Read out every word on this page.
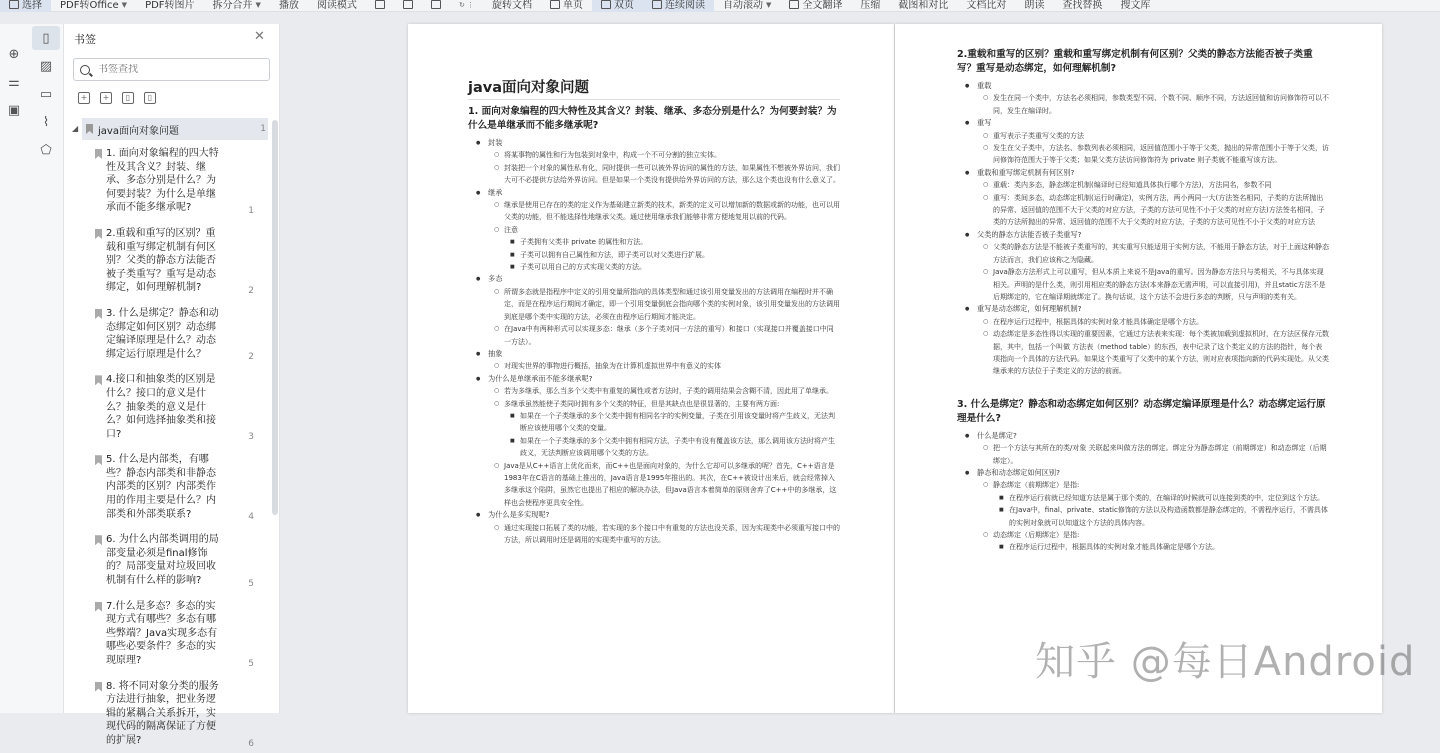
选择 PDF转Office ▼ PDF转图片 拆分合并 ▼ 播放 阅读模式	↻ ⋮ 旋转文档	单页	双页	连续阅读 自动滚动 ▼	全文翻译 压缩 截图和对比 文档比对 朗读 查找替换 搜文库
⊕
⚌
▣
▯
▨
▭
⌇
⬠
书签	✕
书签查找
+	+	▯	▯
◢ java面向对象问题	1
1. 面向对象编程的四大特性及其含义？封装、继承、多态分别是什么？为何要封装？为什么是单继承而不能多继承呢?	1
2.重载和重写的区别？重载和重写绑定机制有何区别？父类的静态方法能否被子类重写？重写是动态绑定，如何理解机制?	2
3. 什么是绑定？静态和动态绑定如何区别？动态绑定编译原理是什么？动态绑定运行原理是什么？	2
4.接口和抽象类的区别是什么？接口的意义是什么？抽象类的意义是什么？如何选择抽象类和接口?	3
5. 什么是内部类，有哪些？静态内部类和非静态内部类的区别？内部类作用的作用主要是什么？内部类和外部类联系?	4
6. 为什么内部类调用的局部变量必须是final修饰的？局部变量对垃圾回收机制有什么样的影响?	5
7.什么是多态？多态的实现方式有哪些？多态有哪些弊端？Java实现多态有哪些必要条件？多态的实现原理?	5
8. 将不同对象分类的服务方法进行抽象，把业务逻辑的紧耦合关系拆开，实现代码的隔离保证了方便的扩展?	6
java面向对象问题
1. 面向对象编程的四大特性及其含义？封装、继承、多态分别是什么？为何要封装？为什么是单继承而不能多继承呢?
● 封装
○ 将某事物的属性和行为包装到对象中，构成一个不可分割的独立实体。
○ 封装把一个对象的属性私有化，同时提供一些可以被外界访问的属性的方法，如果属性不想被外界访问，我们大可不必提供方法给外界访问。但是如果一个类没有提供给外界访问的方法，那么这个类也没有什么意义了。
● 继承
○ 继承是使用已存在的类的定义作为基础建立新类的技术，新类的定义可以增加新的数据或新的功能，也可以用父类的功能，但不能选择性地继承父类。通过使用继承我们能够非常方便地复用以前的代码。
○ 注意
■ 子类拥有父类非 private 的属性和方法。
■ 子类可以拥有自己属性和方法，即子类可以对父类进行扩展。
■ 子类可以用自己的方式实现父类的方法。
● 多态
○ 所谓多态就是指程序中定义的引用变量所指向的具体类型和通过该引用变量发出的方法调用在编程时并不确定，而是在程序运行期间才确定，即一个引用变量倒底会指向哪个类的实例对象，该引用变量发出的方法调用到底是哪个类中实现的方法，必须在由程序运行期间才能决定。
○ 在Java中有两种形式可以实现多态：继承（多个子类对同一方法的重写）和接口（实现接口并覆盖接口中同一方法）。
● 抽象
○ 对现实世界的事物进行概括，抽象为在计算机虚拟世界中有意义的实体
● 为什么是单继承而不能多继承呢?
○ 若为多继承，那么当多个父类中有重复的属性或者方法时，子类的调用结果会含糊不清，因此用了单继承。
○ 多继承虽然能使子类同时拥有多个父类的特征，但是其缺点也是很显著的，主要有两方面:
■ 如果在一个子类继承的多个父类中拥有相同名字的实例变量，子类在引用该变量时将产生歧义，无法判断应该使用哪个父类的变量。
■ 如果在一个子类继承的多个父类中拥有相同方法，子类中有没有覆盖该方法，那么调用该方法时将产生歧义，无法判断应该调用哪个父类的方法。
○ Java是从C++语言上优化而来，而C++也是面向对象的，为什么它却可以多继承的呢？首先，C++语言是1983年在C语言的基础上推出的，Java语言是1995年推出的。其次，在C++被设计出来后，就会经常掉入多继承这个陷阱，虽然它也提出了相应的解决办法，但Java语言本着简单的原则舍弃了C++中的多继承，这样也会使程序更具安全性。
● 为什么是多实现呢?
○ 通过实现接口拓展了类的功能，若实现的多个接口中有重复的方法也没关系，因为实现类中必须重写接口中的方法，所以调用时还是调用的实现类中重写的方法。
2.重载和重写的区别？重载和重写绑定机制有何区别？父类的静态方法能否被子类重写？重写是动态绑定，如何理解机制?
● 重载
○ 发生在同一个类中，方法名必须相同，参数类型不同、个数不同、顺序不同，方法返回值和访问修饰符可以不同，发生在编译时。
● 重写
○ 重写表示子类重写父类的方法
○ 发生在父子类中，方法名、参数列表必须相同，返回值范围小于等于父类，抛出的异常范围小于等于父类，访问修饰符范围大于等于父类；如果父类方法访问修饰符为 private 则子类就不能重写该方法。
● 重载和重写绑定机制有何区别?
○ 重载：类内多态，静态绑定机制(编译时已经知道具体执行哪个方法)，方法同名，参数不同
○ 重写：类间多态，动态绑定机制(运行时确定)，实例方法，两小两同一大(方法签名相同，子类的方法所抛出的异常、返回值的范围不大于父类的对应方法，子类的方法可见性不小于父类的对应方法)方法签名相同，子类的方法所抛出的异常、返回值的范围不大于父类的对应方法，子类的方法可见性不小于父类的对应方法
● 父类的静态方法能否被子类重写?
○ 父类的静态方法是不能被子类重写的，其实重写只能适用于实例方法，不能用于静态方法，对于上面这种静态方法而言，我们应该称之为隐藏。
○ Java静态方法形式上可以重写，但从本质上来说不是Java的重写。因为静态方法只与类相关，不与具体实现相关。声明的是什么类，则引用相应类的静态方法(本来静态无需声明，可以直接引用)，并且static方法不是后期绑定的，它在编译期就绑定了。换句话说，这个方法不会进行多态的判断，只与声明的类有关。
● 重写是动态绑定，如何理解机制?
○ 在程序运行过程中，根据具体的实例对象才能具体确定是哪个方法。
○ 动态绑定是多态性得以实现的重要因素，它通过方法表来实现：每个类被加载到虚拟机时，在方法区保存元数据，其中，包括一个叫做 方法表（method table）的东西，表中记录了这个类定义的方法的指针，每个表项指向一个具体的方法代码。如果这个类重写了父类中的某个方法，则对应表项指向新的代码实现处。从父类继承来的方法位于子类定义的方法的前面。
3. 什么是绑定？静态和动态绑定如何区别？动态绑定编译原理是什么？动态绑定运行原理是什么?
● 什么是绑定?
○ 把一个方法与其所在的类/对象 关联起来叫做方法的绑定。绑定分为静态绑定（前期绑定）和动态绑定（后期绑定）。
● 静态和动态绑定如何区别?
○ 静态绑定（前期绑定）是指:
■ 在程序运行前就已经知道方法是属于那个类的，在编译的时候就可以连接到类的中，定位到这个方法。
■ 在Java中，final、private、static修饰的方法以及构造函数都是静态绑定的，不需程序运行，不需具体的实例对象就可以知道这个方法的具体内容。
○ 动态绑定（后期绑定）是指:
■ 在程序运行过程中，根据具体的实例对象才能具体确定是哪个方法。
知乎 @每日Android
